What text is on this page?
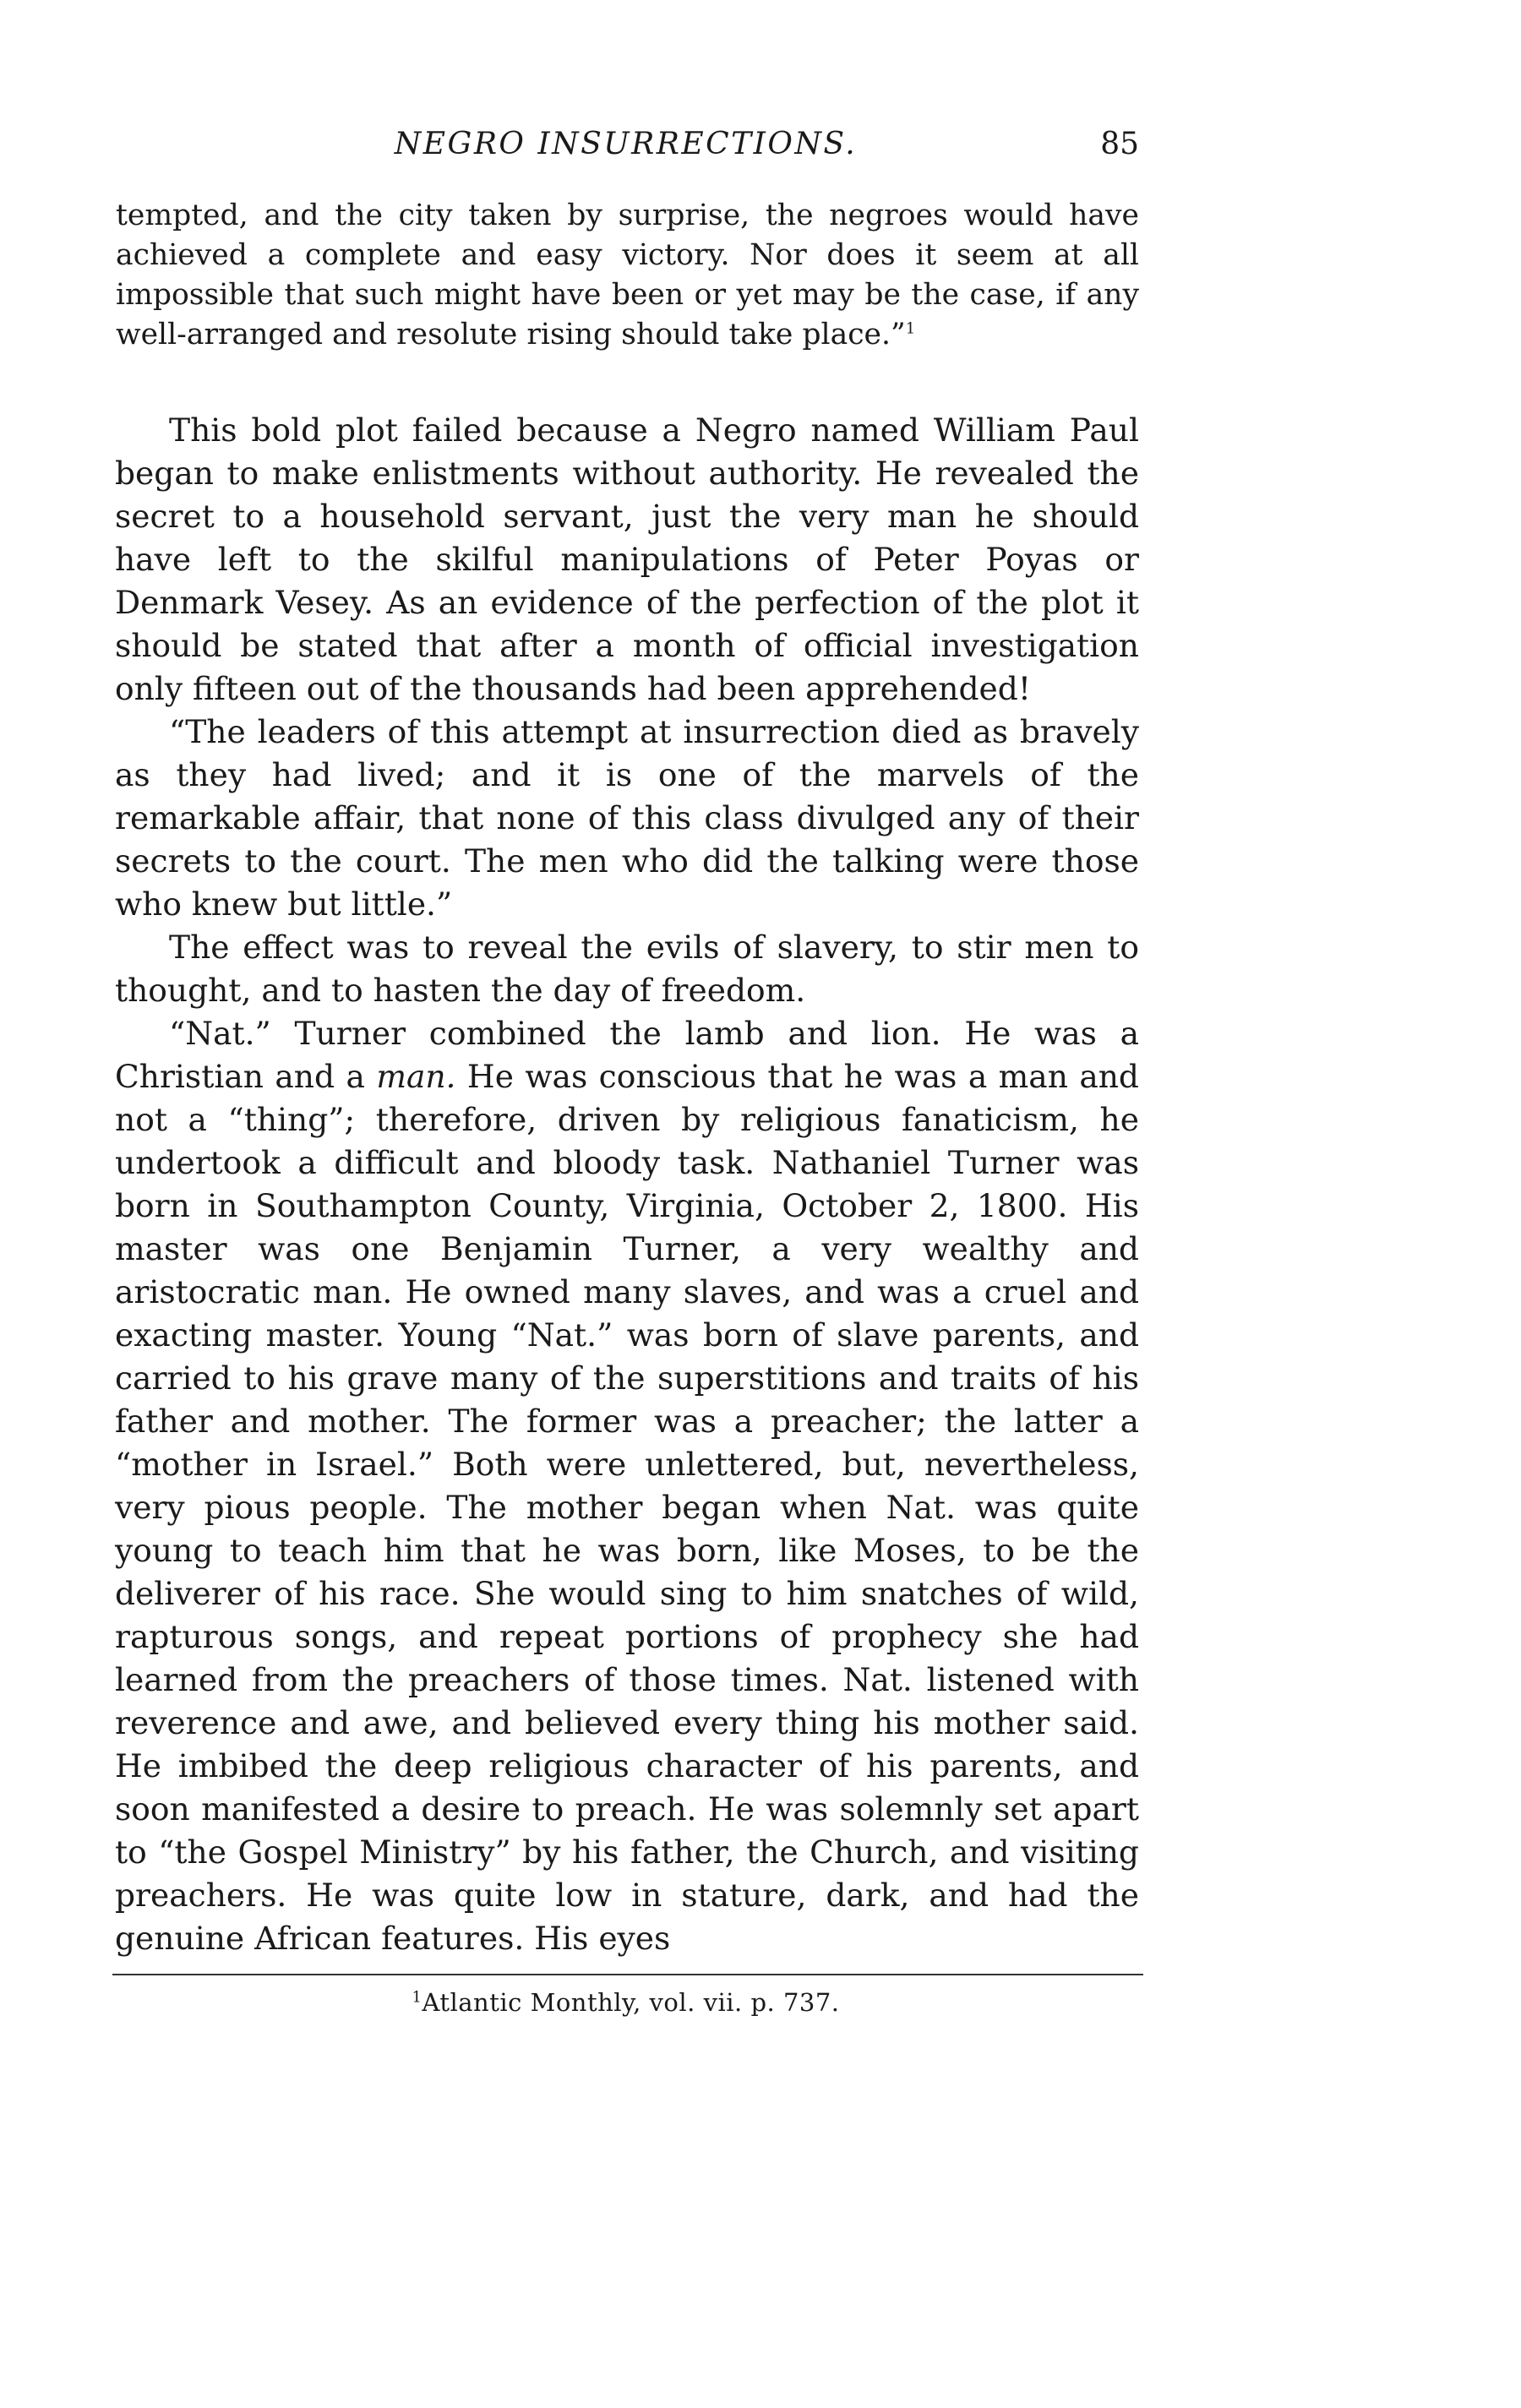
NEGRO INSURRECTIONS.	85

tempted, and the city taken by surprise, the negroes would have achieved a complete and easy victory. Nor does it seem at all impossible that such might have been or yet may be the case, if any well-arranged and resolute rising should take place.”$^1$

This bold plot failed because a Negro named William Paul began to make enlistments without authority. He revealed the secret to a household servant, just the very man he should have left to the skilful manipulations of Peter Poyas or Denmark Vesey. As an evidence of the perfection of the plot it should be stated that after a month of official investigation only fifteen out of the thousands had been apprehended!

“The leaders of this attempt at insurrection died as bravely as they had lived; and it is one of the marvels of the remarkable affair, that none of this class divulged any of their secrets to the court. The men who did the talking were those who knew but little.”

The effect was to reveal the evils of slavery, to stir men to thought, and to hasten the day of freedom.

“Nat.” Turner combined the lamb and lion. He was a Christian and a man. He was conscious that he was a man and not a “thing”; therefore, driven by religious fanaticism, he undertook a difficult and bloody task. Nathaniel Turner was born in Southampton County, Virginia, October 2, 1800. His master was one Benjamin Turner, a very wealthy and aristocratic man. He owned many slaves, and was a cruel and exacting master. Young “Nat.” was born of slave parents, and carried to his grave many of the superstitions and traits of his father and mother. The former was a preacher; the latter a “mother in Israel.” Both were unlettered, but, nevertheless, very pious people. The mother began when Nat. was quite young to teach him that he was born, like Moses, to be the deliverer of his race. She would sing to him snatches of wild, rapturous songs, and repeat portions of prophecy she had learned from the preachers of those times. Nat. listened with reverence and awe, and believed every thing his mother said. He imbibed the deep religious character of his parents, and soon manifested a desire to preach. He was solemnly set apart to “the Gospel Ministry” by his father, the Church, and visiting preachers. He was quite low in stature, dark, and had the genuine African features. His eyes

$^1$Atlantic Monthly, vol. vii. p. 737.
